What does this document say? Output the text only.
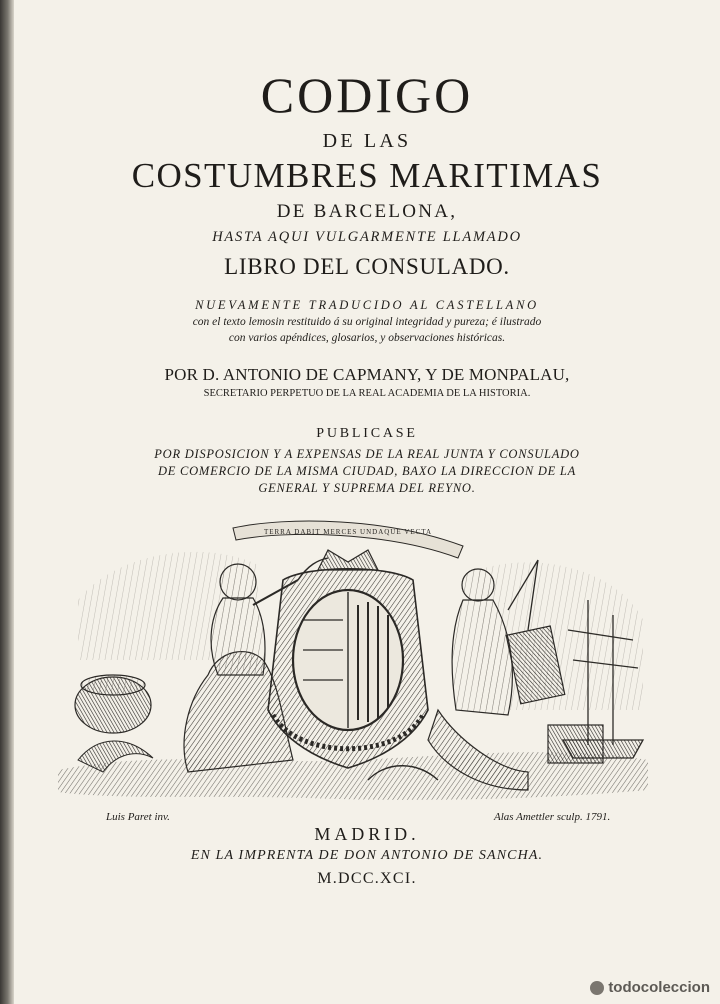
CODIGO
DE LAS
COSTUMBRES MARITIMAS
DE BARCELONA,
HASTA AQUI VULGARMENTE LLAMADO
LIBRO DEL CONSULADO.
NUEVAMENTE TRADUCIDO AL CASTELLANO
con el texto lemosin restituido á su original integridad y pureza; é ilustrado
con varios apéndices, glosarios, y observaciones históricas.
POR D. ANTONIO DE CAPMANY, Y DE MONPALAU,
SECRETARIO PERPETUO DE LA REAL ACADEMIA DE LA HISTORIA.
PUBLICASE
POR DISPOSICION Y A EXPENSAS DE LA REAL JUNTA Y CONSULADO
DE COMERCIO DE LA MISMA CIUDAD, BAXO LA DIRECCION DE LA
GENERAL Y SUPREMA DEL REYNO.
TERRA DABIT MERCES UNDAQUE VECTA
Luis Paret inv.	Alas Amettler sculp. 1791.
MADRID.
EN LA IMPRENTA DE DON ANTONIO DE SANCHA.
M.DCC.XCI.
todocoleccion
